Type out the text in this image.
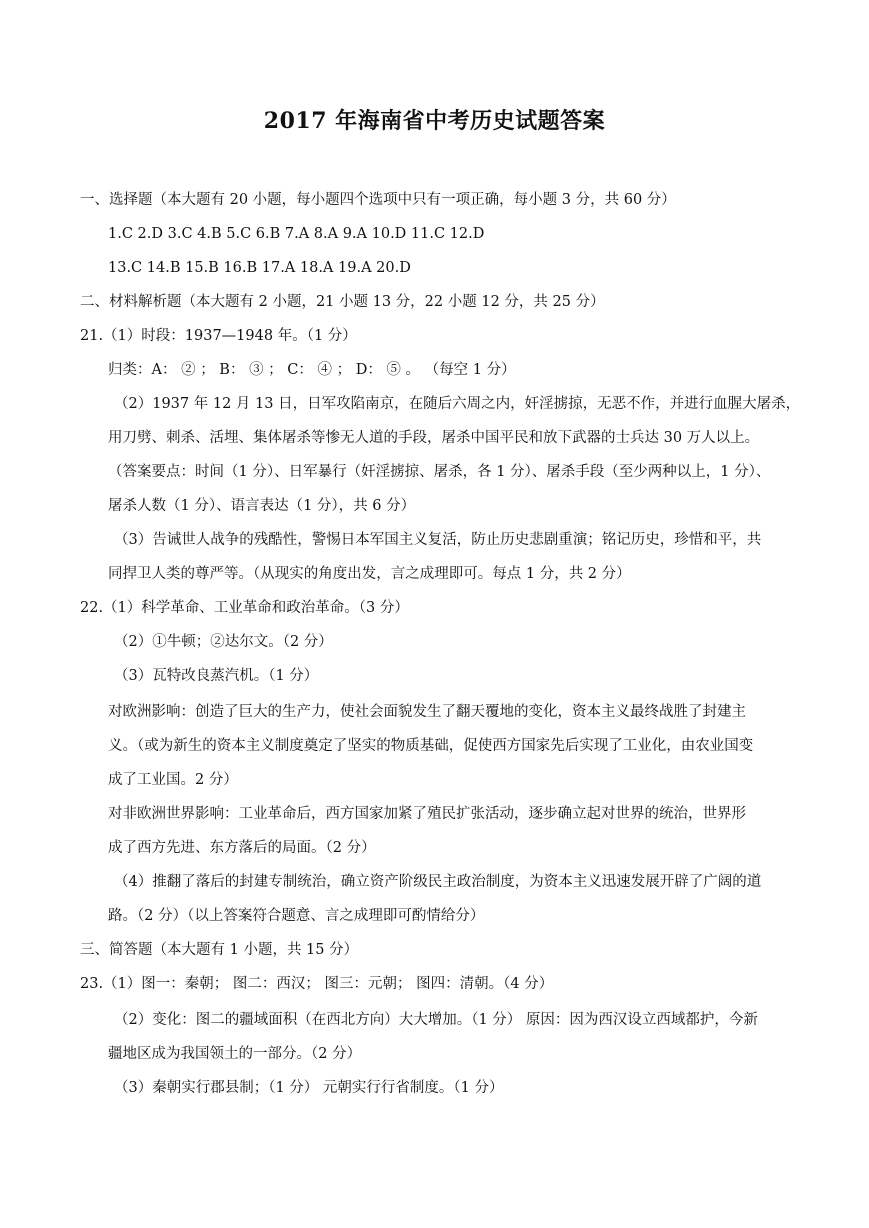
2017 年海南省中考历史试题答案
一、选择题（本大题有 20 小题，每小题四个选项中只有一项正确，每小题 3 分，共 60 分）
1.C 2.D 3.C 4.B 5.C 6.B 7.A 8.A 9.A 10.D 11.C 12.D
13.C 14.B 15.B 16.B 17.A 18.A 19.A 20.D
二、材料解析题（本大题有 2 小题，21 小题 13 分，22 小题 12 分，共 25 分）
21.（1）时段：1937—1948 年。（1 分）
归类：A： ② ； B： ③ ； C： ④ ； D： ⑤ 。 （每空 1 分）
（2）1937 年 12 月 13 日，日军攻陷南京，在随后六周之内，奸淫掳掠，无恶不作，并进行血腥大屠杀，
用刀劈、刺杀、活埋、集体屠杀等惨无人道的手段，屠杀中国平民和放下武器的士兵达 30 万人以上。
（答案要点：时间（1 分）、日军暴行（奸淫掳掠、屠杀，各 1 分）、屠杀手段（至少两种以上，1 分）、
屠杀人数（1 分）、语言表达（1 分），共 6 分）
（3）告诫世人战争的残酷性，警惕日本军国主义复活，防止历史悲剧重演；铭记历史，珍惜和平，共
同捍卫人类的尊严等。（从现实的角度出发，言之成理即可。每点 1 分，共 2 分）
22.（1）科学革命、工业革命和政治革命。（3 分）
（2）①牛顿；②达尔文。（2 分）
（3）瓦特改良蒸汽机。（1 分）
对欧洲影响：创造了巨大的生产力，使社会面貌发生了翻天覆地的变化，资本主义最终战胜了封建主
义。（或为新生的资本主义制度奠定了坚实的物质基础，促使西方国家先后实现了工业化，由农业国变
成了工业国。2 分）
对非欧洲世界影响：工业革命后，西方国家加紧了殖民扩张活动，逐步确立起对世界的统治，世界形
成了西方先进、东方落后的局面。（2 分）
（4）推翻了落后的封建专制统治，确立资产阶级民主政治制度，为资本主义迅速发展开辟了广阔的道
路。（2 分）（以上答案符合题意、言之成理即可酌情给分）
三、简答题（本大题有 1 小题，共 15 分）
23.（1）图一：秦朝； 图二：西汉； 图三：元朝； 图四：清朝。（4 分）
（2）变化：图二的疆域面积（在西北方向）大大增加。（1 分） 原因：因为西汉设立西域都护，今新
疆地区成为我国领土的一部分。（2 分）
（3）秦朝实行郡县制；（1 分） 元朝实行行省制度。（1 分）
